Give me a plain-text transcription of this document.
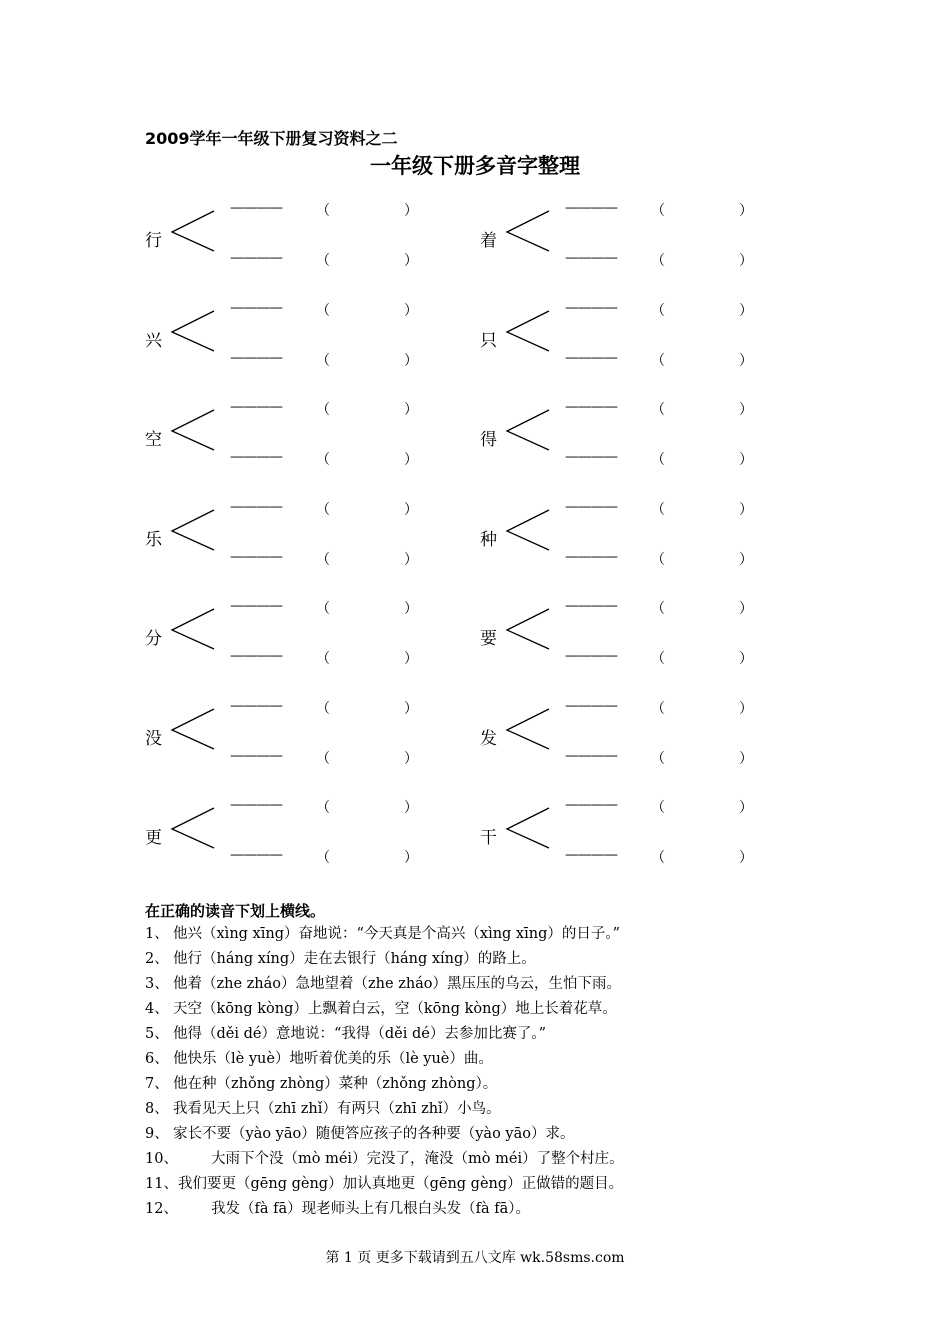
2009学年一年级下册复习资料之二
一年级下册多音字整理
行
———— （	）
———— （	）
兴
———— （	）
———— （	）
空
———— （	）
———— （	）
乐
———— （	）
———— （	）
分
———— （	）
———— （	）
没
———— （	）
———— （	）
更
———— （	）
———— （	）
着
———— （	）
———— （	）
只
———— （	）
———— （	）
得
———— （	）
———— （	）
种
———— （	）
———— （	）
要
———— （	）
———— （	）
发
———— （	）
———— （	）
干
———— （	）
———— （	）
在正确的读音下划上横线。
1、 他兴（xìng xīng）奋地说：“今天真是个高兴（xìng xīng）的日子。”
2、 他行（háng xíng）走在去银行（háng xíng）的路上。
3、 他着（zhe zháo）急地望着（zhe zháo）黑压压的乌云，生怕下雨。
4、 天空（kōng kòng）上飘着白云，空（kōng kòng）地上长着花草。
5、 他得（děi dé）意地说：“我得（děi dé）去参加比赛了。”
6、 他快乐（lè yuè）地听着优美的乐（lè yuè）曲。
7、 他在种（zhǒng zhòng）菜种（zhǒng zhòng）。
8、 我看见天上只（zhī zhǐ）有两只（zhī zhǐ）小鸟。
9、 家长不要（yào yāo）随便答应孩子的各种要（yào yāo）求。
10、 大雨下个没（mò méi）完没了，淹没（mò méi）了整个村庄。
11、我们要更（gēng gèng）加认真地更（gēng gèng）正做错的题目。
12、 我发（fà fā）现老师头上有几根白头发（fà fā）。
第 1 页 更多下载请到五八文库 wk.58sms.com
